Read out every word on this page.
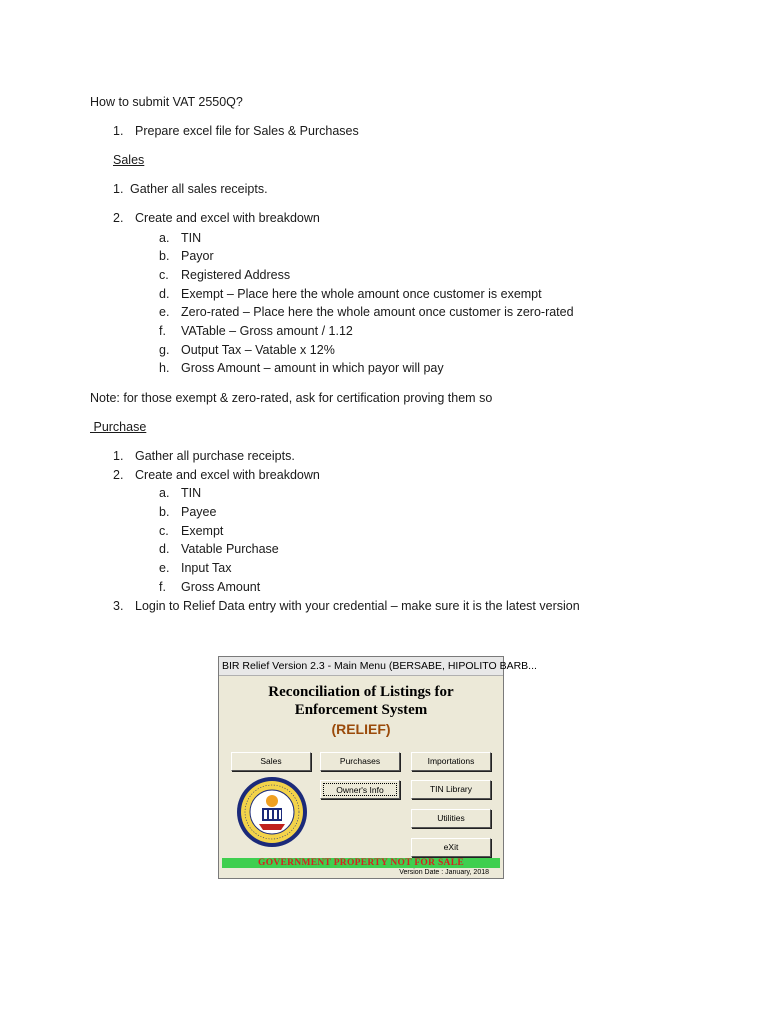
How to submit VAT 2550Q?
1. Prepare excel file for Sales & Purchases
Sales
1. Gather all sales receipts.
2. Create and excel with breakdown
a. TIN
b. Payor
c. Registered Address
d. Exempt – Place here the whole amount once customer is exempt
e. Zero-rated – Place here the whole amount once customer is zero-rated
f. VATable – Gross amount / 1.12
g. Output Tax – Vatable x 12%
h. Gross Amount – amount in which payor will pay
Note: for those exempt & zero-rated, ask for certification proving them so
Purchase
1. Gather all purchase receipts.
2. Create and excel with breakdown
a. TIN
b. Payee
c. Exempt
d. Vatable Purchase
e. Input Tax
f. Gross Amount
3. Login to Relief Data entry with your credential – make sure it is the latest version
BIR Relief Version 2.3 - Main Menu (BERSABE, HIPOLITO BARB...
Reconciliation of Listings for
Enforcement System
(RELIEF)
Sales	Purchases	Importations
Owner's Info	TIN Library
Utilities
eXit
GOVERNMENT PROPERTY NOT FOR SALE
Version Date : January, 2018
